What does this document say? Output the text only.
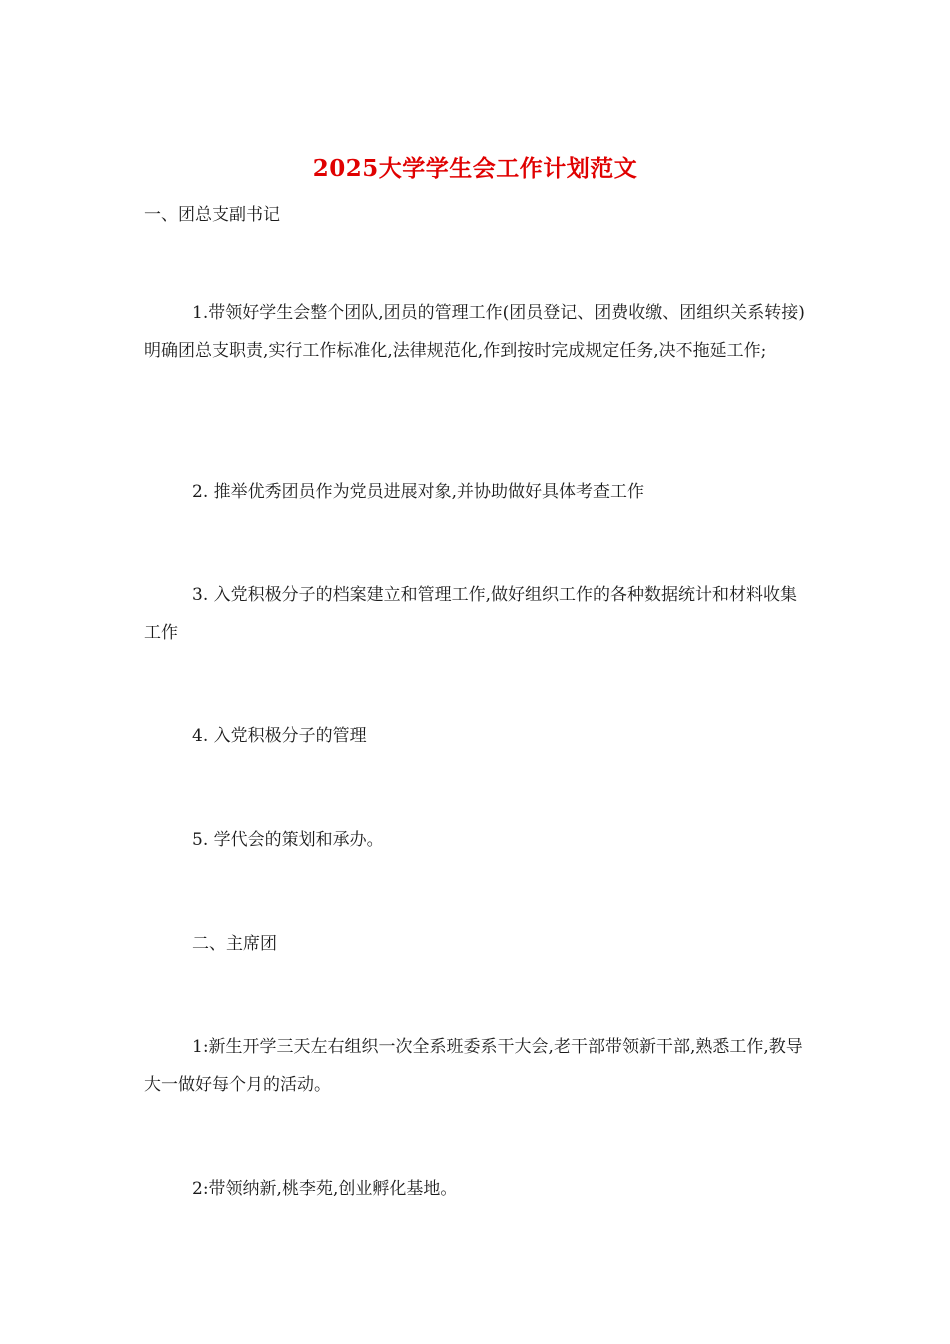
2025大学学生会工作计划范文

一、团总支副书记

1.带领好学生会整个团队,团员的管理工作(团员登记、团费收缴、团组织关系转接)明确团总支职责,实行工作标准化,法律规范化,作到按时完成规定任务,决不拖延工作;

2. 推举优秀团员作为党员进展对象,并协助做好具体考查工作

3. 入党积极分子的档案建立和管理工作,做好组织工作的各种数据统计和材料收集工作

4. 入党积极分子的管理

5. 学代会的策划和承办。

二、主席团

1:新生开学三天左右组织一次全系班委系干大会,老干部带领新干部,熟悉工作,教导大一做好每个月的活动。

2:带领纳新,桃李苑,创业孵化基地。
